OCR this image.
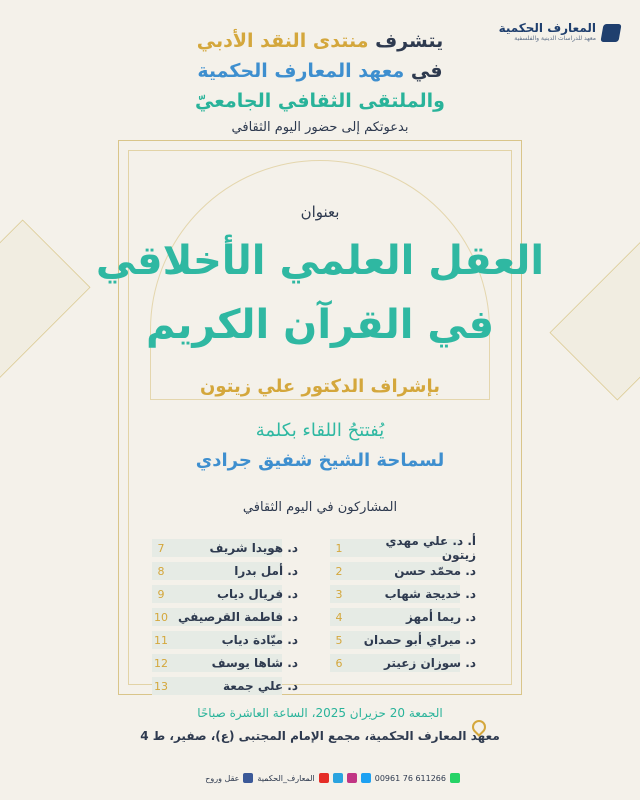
المعارف الحكمية
معهد للدراسات الدينية والفلسفية
يتشرف منتدى النقد الأدبي
في معهد المعارف الحكمية
والملتقى الثقافي الجامعيّ
بدعوتكم إلى حضور اليوم الثقافي
بعنوان
العقل العلمي الأخلاقي
في القرآن الكريم
بإشراف الدكتور علي زيتون
يُفتتحُ اللقاء بكلمة
لسماحة الشيخ شفيق جرادي
المشاركون في اليوم الثقافي
أ. د. علي مهدي زيتون
1
د. محمّد حسن
2
د. خديجة شهاب
3
د. ريما أمهز
4
د. ميراي أبو حمدان
5
د. سوزان زعيتر
6
د. هويدا شريف
7
د. أمل بدرا
8
د. فريال دياب
9
د. فاطمة القرصيفي
10
د. ميّادة دياب
11
د. شاها يوسف
12
د. علي جمعة
13
الجمعة 20 حزيران 2025، الساعة العاشرة صباحًا
معهد المعارف الحكمية، مجمع الإمام المجتبى (ع)، صفير، ط 4
00961 76 611266
المعارف_الحكمية
عقل وروح
